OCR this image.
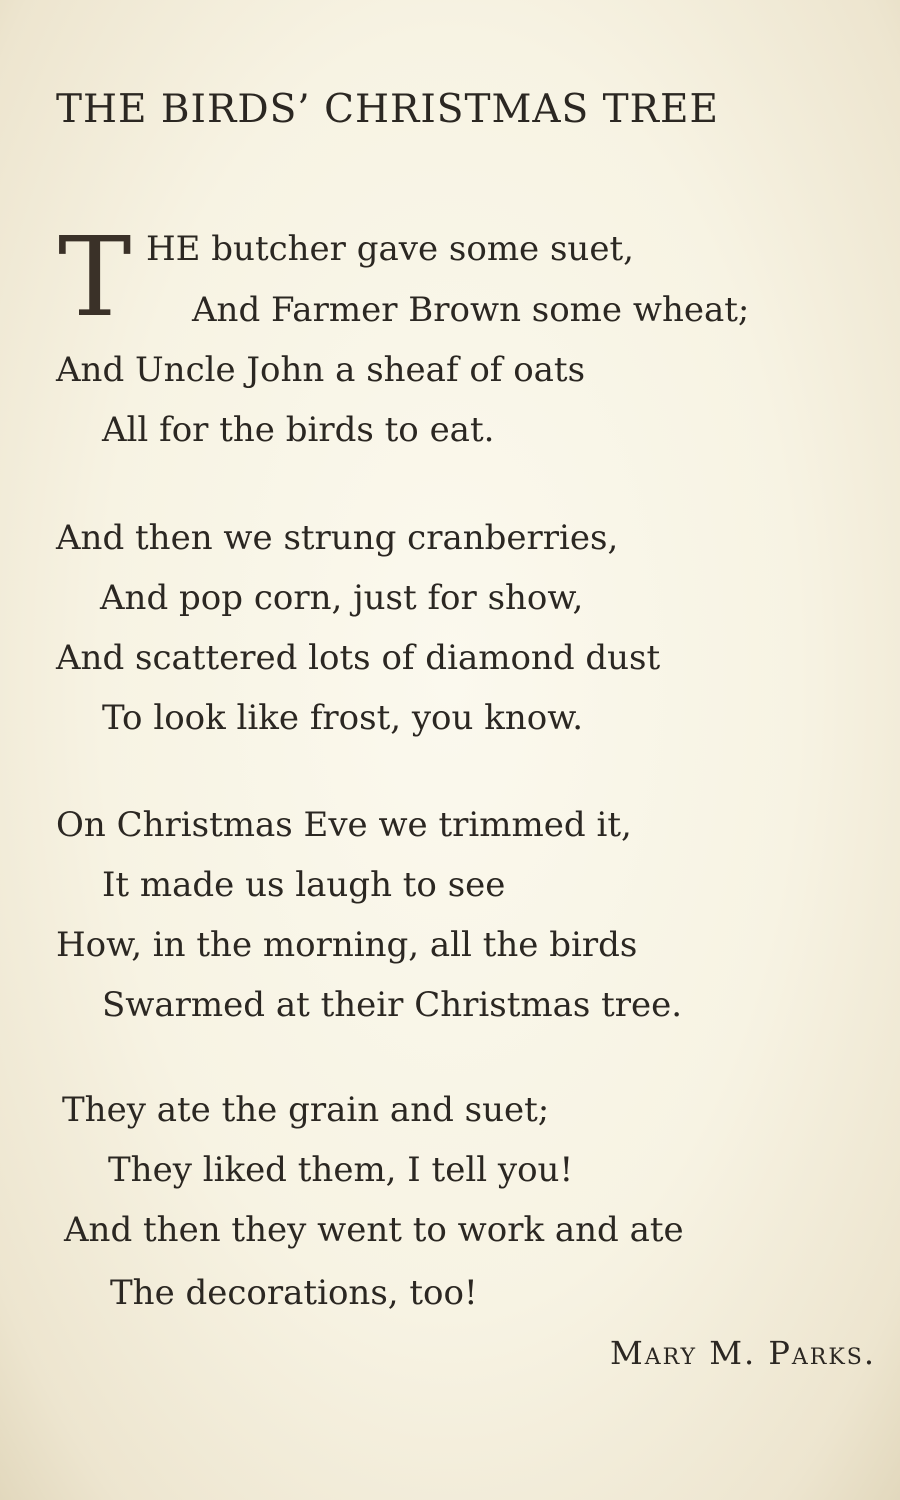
THE BIRDS’ CHRISTMAS TREE
T HE butcher gave some suet,
And Farmer Brown some wheat;
And Uncle John a sheaf of oats
All for the birds to eat.
And then we strung cranberries,
And pop corn, just for show,
And scattered lots of diamond dust
To look like frost, you know.
On Christmas Eve we trimmed it,
It made us laugh to see
How, in the morning, all the birds
Swarmed at their Christmas tree.
They ate the grain and suet;
They liked them, I tell you!
And then they went to work and ate
The decorations, too!
Mary M. Parks.
